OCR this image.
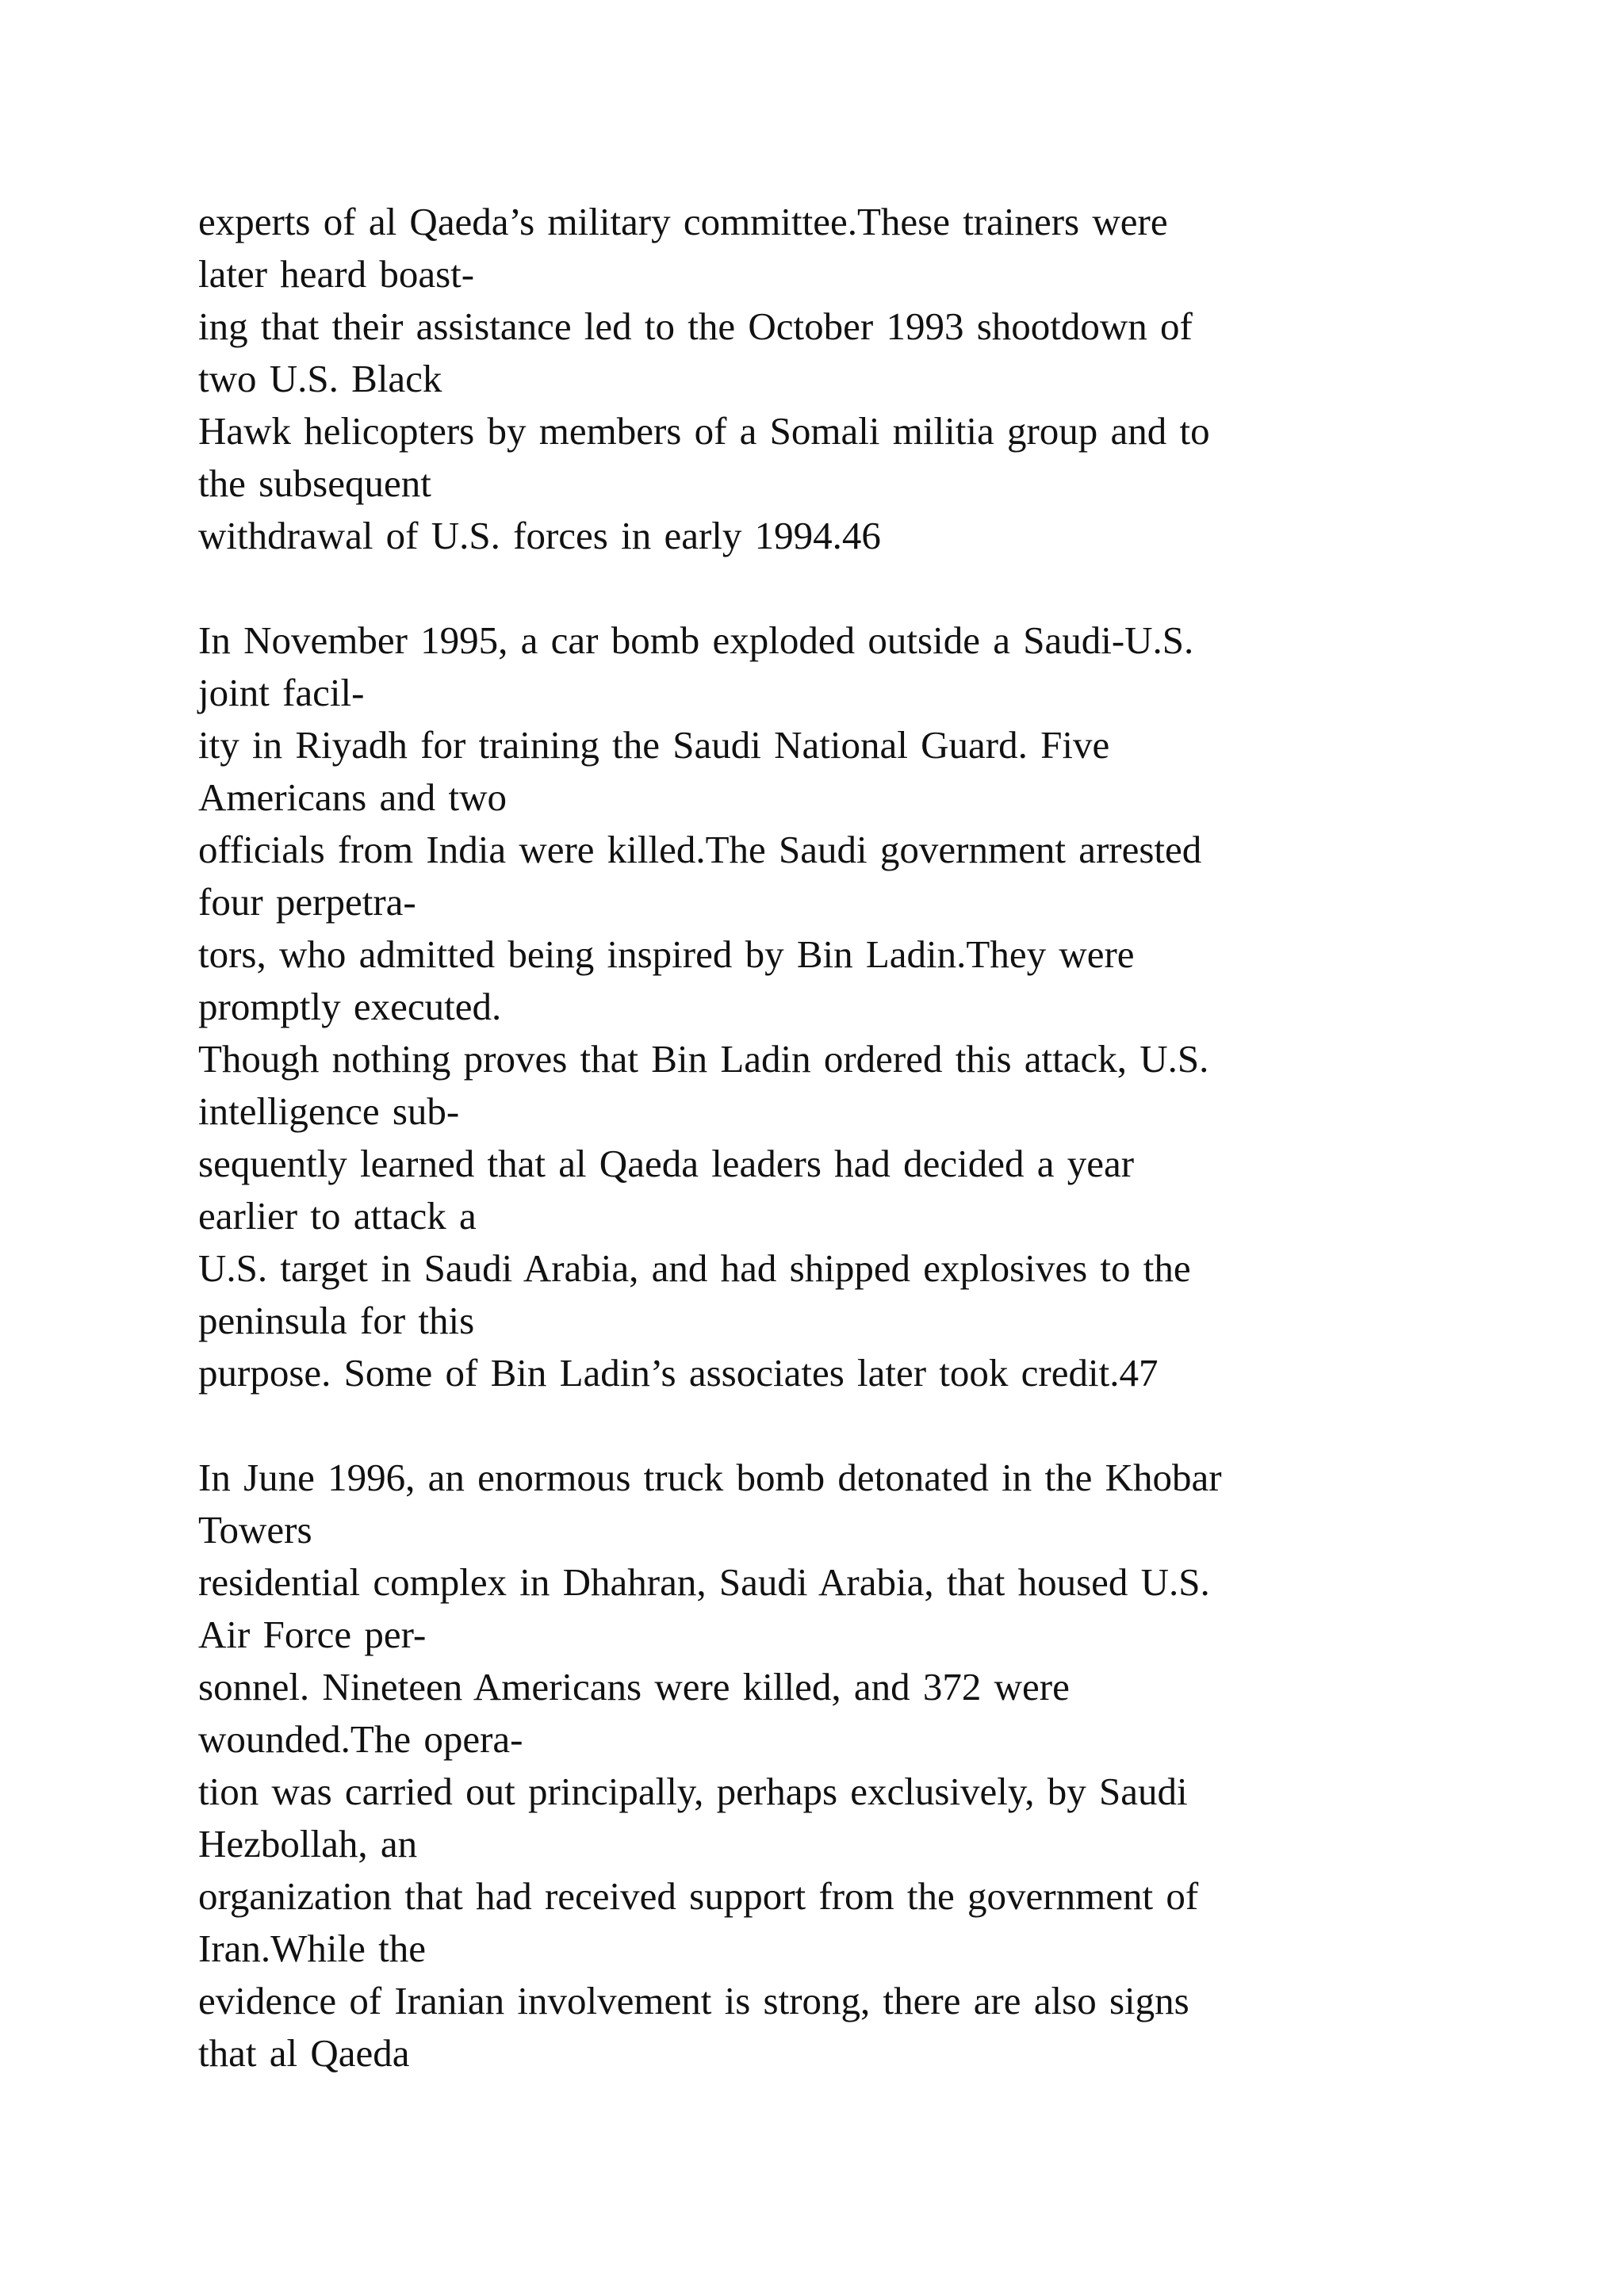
experts of al Qaeda’s military committee.These trainers were
later heard boast-
ing that their assistance led to the October 1993 shootdown of
two U.S. Black
Hawk helicopters by members of a Somali militia group and to
the subsequent
withdrawal of U.S. forces in early 1994.46
In November 1995, a car bomb exploded outside a Saudi-U.S.
joint facil-
ity in Riyadh for training the Saudi National Guard. Five
Americans and two
officials from India were killed.The Saudi government arrested
four perpetra-
tors, who admitted being inspired by Bin Ladin.They were
promptly executed.
Though nothing proves that Bin Ladin ordered this attack, U.S.
intelligence sub-
sequently learned that al Qaeda leaders had decided a year
earlier to attack a
U.S. target in Saudi Arabia, and had shipped explosives to the
peninsula for this
purpose. Some of Bin Ladin’s associates later took credit.47
In June 1996, an enormous truck bomb detonated in the Khobar
Towers
residential complex in Dhahran, Saudi Arabia, that housed U.S.
Air Force per-
sonnel. Nineteen Americans were killed, and 372 were
wounded.The opera-
tion was carried out principally, perhaps exclusively, by Saudi
Hezbollah, an
organization that had received support from the government of
Iran.While the
evidence of Iranian involvement is strong, there are also signs
that al Qaeda
